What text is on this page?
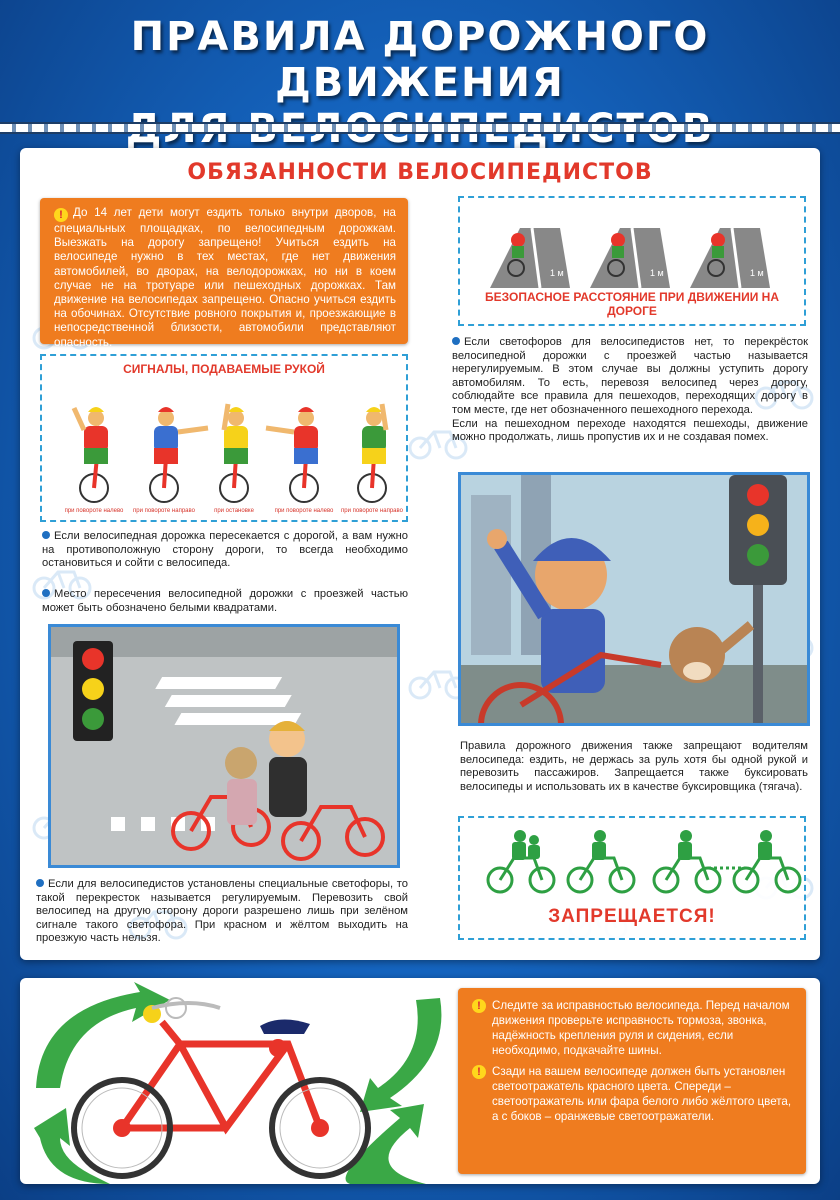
ПРАВИЛА ДОРОЖНОГО ДВИЖЕНИЯ
ОБЯЗАННОСТИ ВЕЛОСИПЕДИСТОВ
! До 14 лет дети могут ездить только внутри дворов, на специальных площадках, по велосипедным дорожкам. Выезжать на дорогу запрещено! Учиться ездить на велосипеде нужно в тех местах, где нет движения автомобилей, во дворах, на велодорожках, но ни в коем случае не на тротуаре или пешеходных дорожках. Там движение на велосипедах запрещено. Опасно учиться ездить на обочинах. Отсутствие ровного покрытия и, проезжающие в непосредственной близости, автомобили представляют опасность.
СИГНАЛЫ, ПОДАВАЕМЫЕ РУКОЙ
при повороте налево при повороте направо	при остановке	при повороте налево при повороте направо
1 м	1 м	1 м
БЕЗОПАСНОЕ РАССТОЯНИЕ ПРИ ДВИЖЕНИИ НА ДОРОГЕ
Если велосипедная дорожка пересекается с дорогой, а вам нужно на противоположную сторону дороги, то всегда необходимо остановиться и сойти с велосипеда.
Место пересечения велосипедной дорожки с проезжей частью может быть обозначено белыми квадратами.
Если для велосипедистов установлены специальные светофоры, то такой перекресток называется регулируемым. Перевозить свой велосипед на другую сторону дороги разрешено лишь при зелёном сигнале такого светофора. При красном и жёлтом выходить на проезжую часть нельзя.
Если светофоров для велосипедистов нет, то перекрёсток велосипедной дорожки с проезжей частью называется нерегулируемым. В этом случае вы должны уступить дорогу автомобилям. То есть, перевозя велосипед через дорогу, соблюдайте все правила для пешеходов, переходящих дорогу в том месте, где нет обозначенного пешеходного перехода.
Если на пешеходном переходе находятся пешеходы, движение можно продолжать, лишь пропустив их и не создавая помех.
Правила дорожного движения также запрещают водителям велосипеда: ездить, не держась за руль хотя бы одной рукой и перевозить пассажиров. Запрещается также буксировать велосипеды и использовать их в качестве буксировщика (тягача).
ЗАПРЕЩАЕТСЯ!
! Следите за исправностью велосипеда. Перед началом движения проверьте исправность тормоза, звонка, надёжность крепления руля и сидения, если необходимо, подкачайте шины.
! Сзади на вашем велосипеде должен быть установлен светоотражатель красного цвета. Спереди – светоотражатель или фара белого либо жёлтого цвета, а с боков – оранжевые светоотражатели.
